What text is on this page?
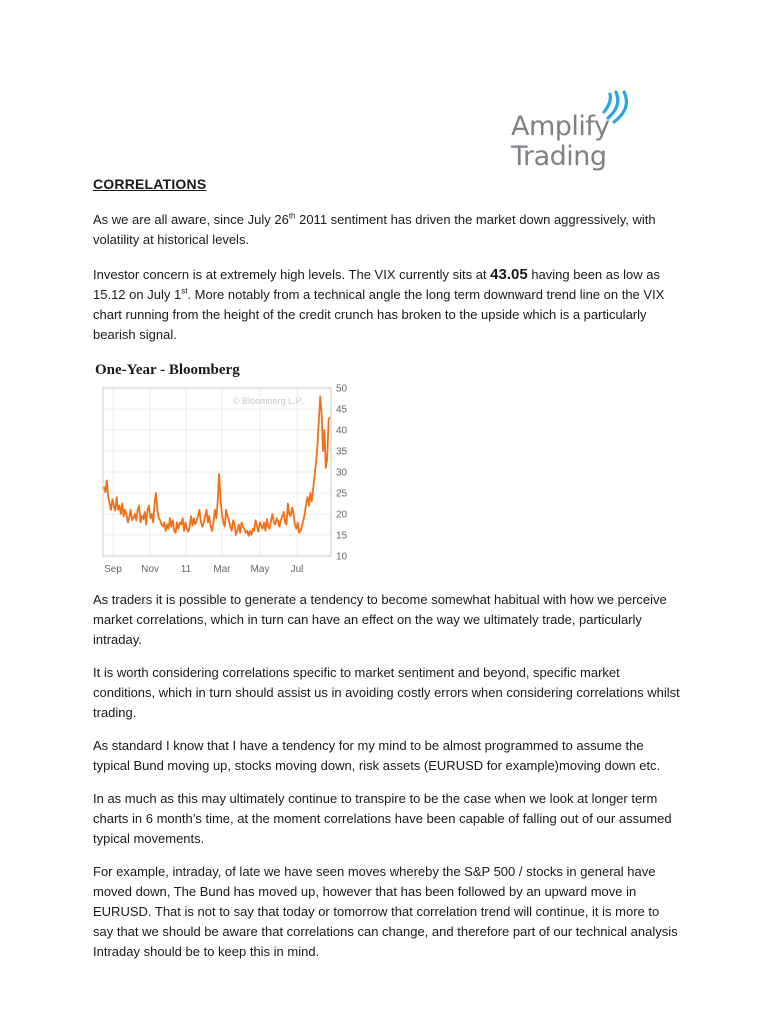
Amplify
Trading
CORRELATIONS
As we are all aware, since July 26th 2011 sentiment has driven the market down aggressively, with volatility at historical levels.
Investor concern is at extremely high levels. The VIX currently sits at 43.05 having been as low as 15.12 on July 1st. More notably from a technical angle the long term downward trend line on the VIX chart running from the height of the credit crunch has broken to the upside which is a particularly bearish signal.
One-Year - Bloomberg
© Bloomberg L.P.
10
15
20
25
30
35
40
45
50
Sep Nov 11 Mar May Jul
As traders it is possible to generate a tendency to become somewhat habitual with how we perceive market correlations, which in turn can have an effect on the way we ultimately trade, particularly intraday.
It is worth considering correlations specific to market sentiment and beyond, specific market conditions, which in turn should assist us in avoiding costly errors when considering correlations whilst trading.
As standard I know that I have a tendency for my mind to be almost programmed to assume the typical Bund moving up, stocks moving down, risk assets (EURUSD for example)moving down etc.
In as much as this may ultimately continue to transpire to be the case when we look at longer term charts in 6 month’s time, at the moment correlations have been capable of falling out of our assumed typical movements.
For example, intraday, of late we have seen moves whereby the S&P 500 / stocks in general have moved down, The Bund has moved up, however that has been followed by an upward move in EURUSD. That is not to say that today or tomorrow that correlation trend will continue, it is more to say that we should be aware that correlations can change, and therefore part of our technical analysis Intraday should be to keep this in mind.
